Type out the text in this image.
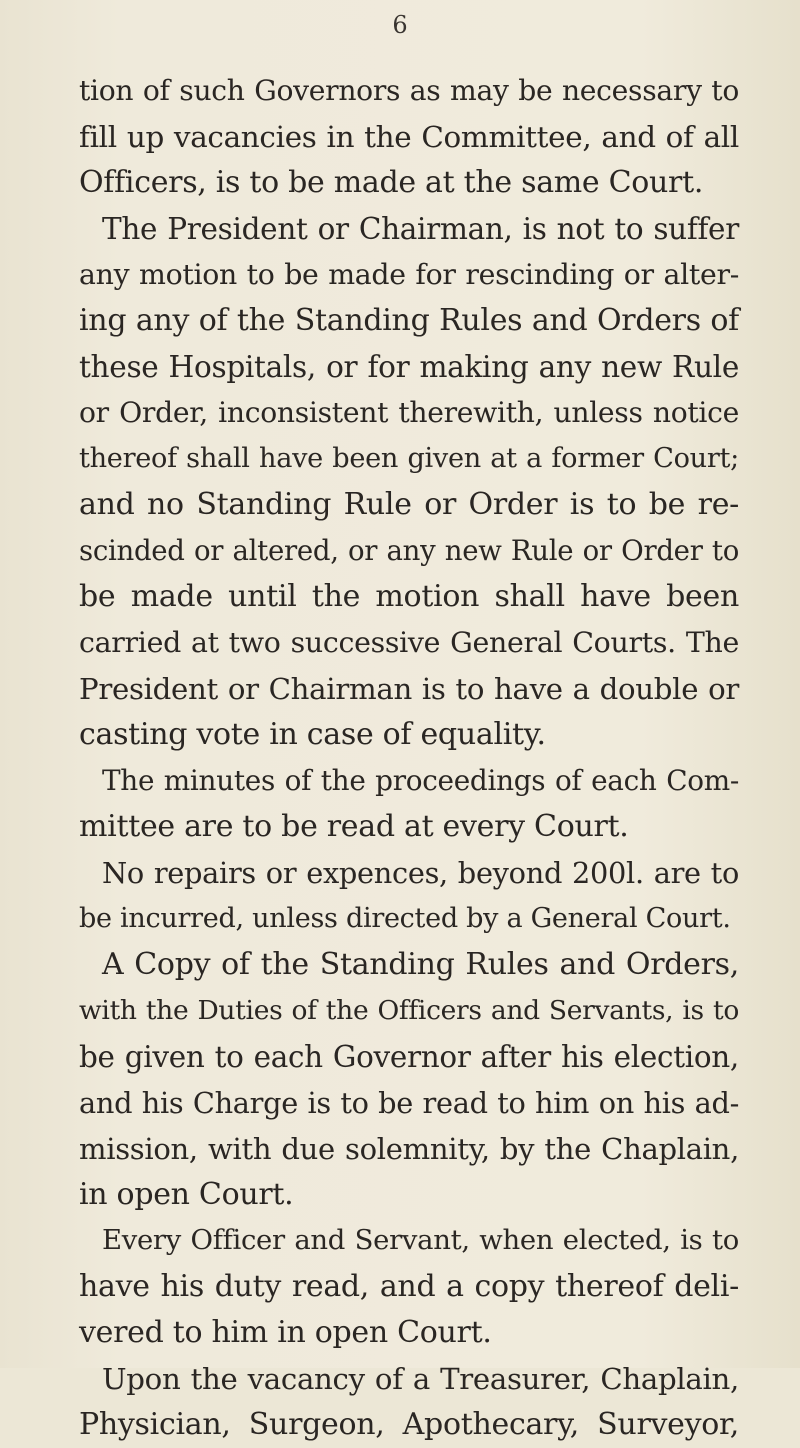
6
tion of such Governors as may be necessary to
fill up vacancies in the Committee, and of all
Officers, is to be made at the same Court.
The President or Chairman, is not to suffer
any motion to be made for rescinding or alter-
ing any of the Standing Rules and Orders of
these Hospitals, or for making any new Rule
or Order, inconsistent therewith, unless notice
thereof shall have been given at a former Court;
and no Standing Rule or Order is to be re-
scinded or altered, or any new Rule or Order to
be made until the motion shall have been
carried at two successive General Courts. The
President or Chairman is to have a double or
casting vote in case of equality.
The minutes of the proceedings of each Com-
mittee are to be read at every Court.
No repairs or expences, beyond 200l. are to
be incurred, unless directed by a General Court.
A Copy of the Standing Rules and Orders,
with the Duties of the Officers and Servants, is to
be given to each Governor after his election,
and his Charge is to be read to him on his ad-
mission, with due solemnity, by the Chaplain,
in open Court.
Every Officer and Servant, when elected, is to
have his duty read, and a copy thereof deli-
vered to him in open Court.
Upon the vacancy of a Treasurer, Chaplain,
Physician, Surgeon, Apothecary, Surveyor,
